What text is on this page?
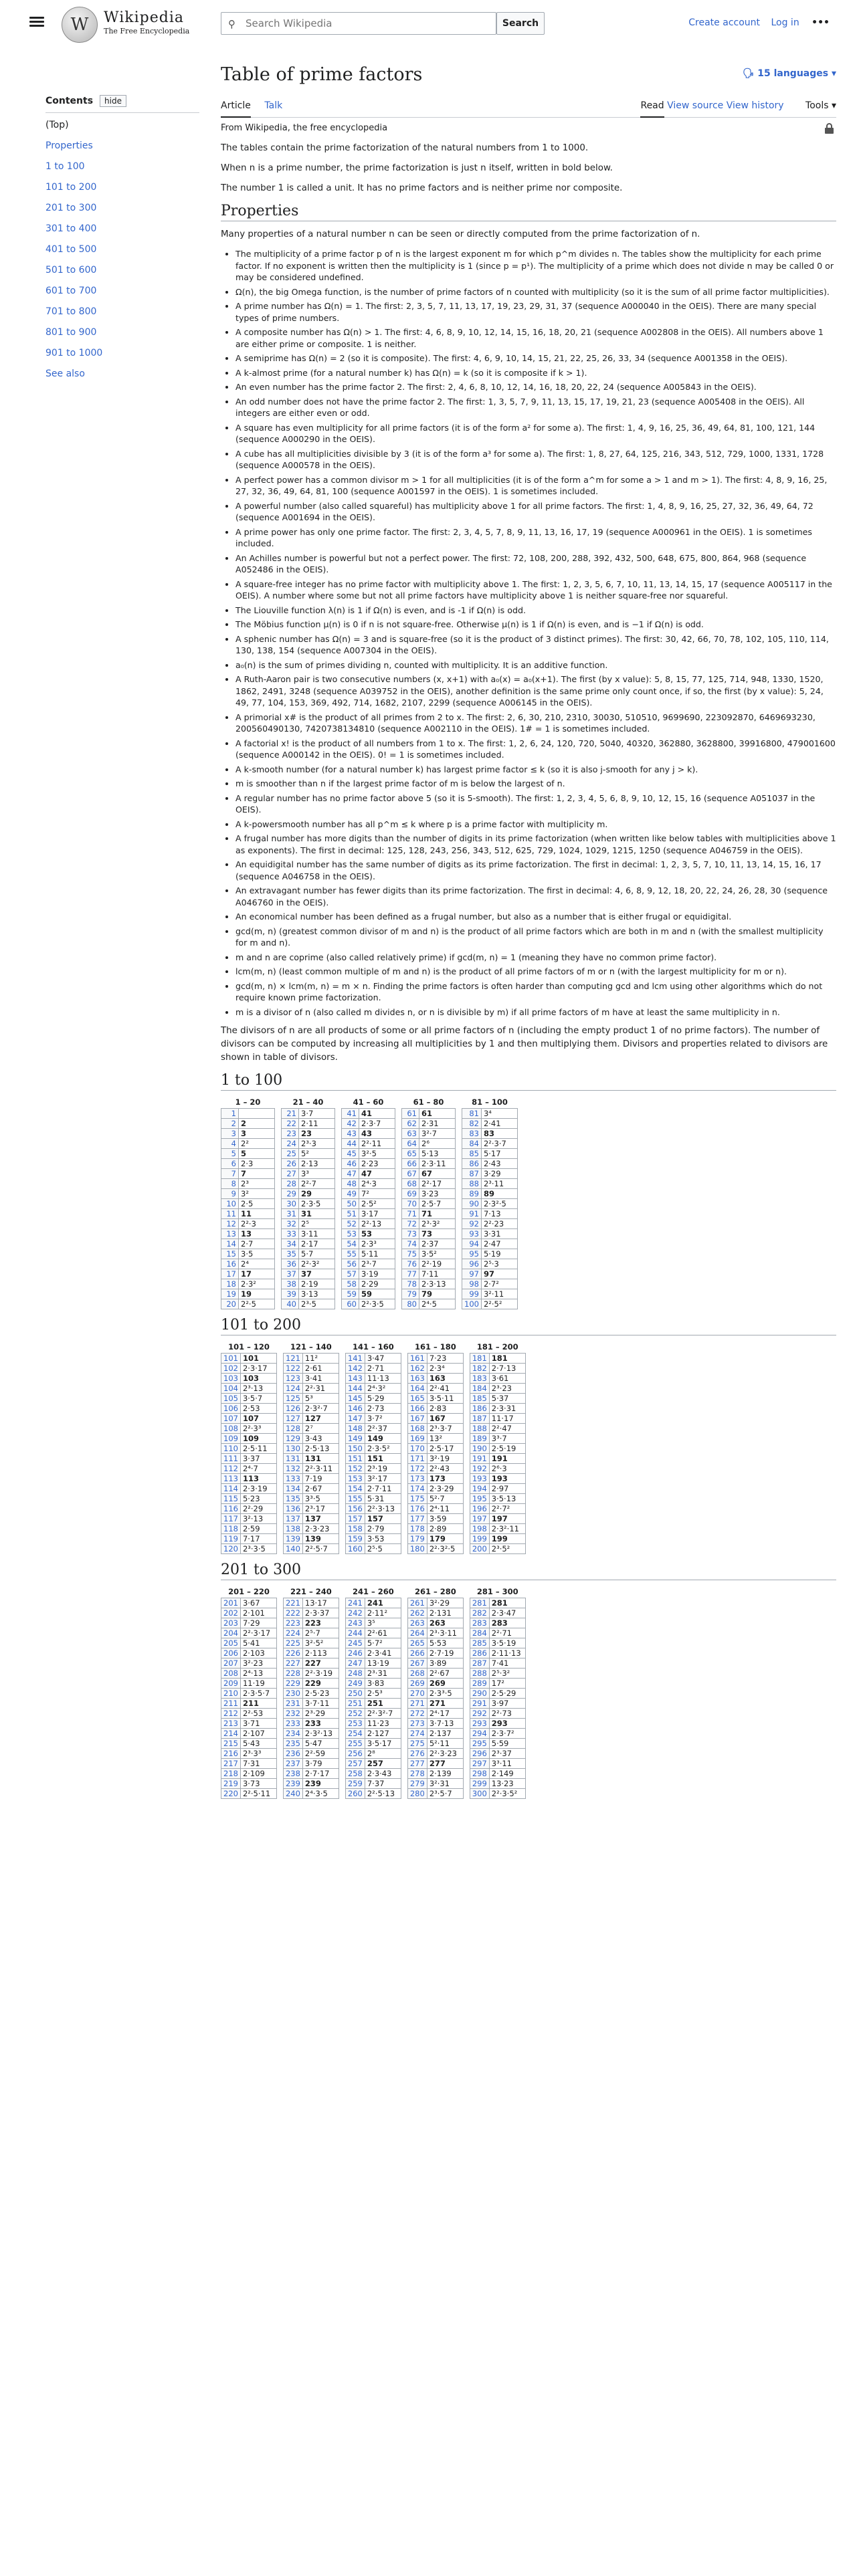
W	Wikipedia
The Free Encyclopedia
⚲
Search Wikipedia	Search	Create account Log in •••
Contents	hide
(Top)
Properties
1 to 100
101 to 200
201 to 300
301 to 400
401 to 500
501 to 600
601 to 700
701 to 800
801 to 900
901 to 1000
See also
Table of prime factors	🗣 15 languages ▾
Article Talk	Read View source View history Tools ▾
From Wikipedia, the free encyclopedia

The tables contain the prime factorization of the natural numbers from 1 to 1000.

When n is a prime number, the prime factorization is just n itself, written in bold below.

The number 1 is called a unit. It has no prime factors and is neither prime nor composite.

Properties

Many properties of a natural number n can be seen or directly computed from the prime factorization of n.

• The multiplicity of a prime factor p of n is the largest exponent m for which p^m divides n. The tables show the multiplicity for each prime factor. If no exponent is written then the multiplicity is 1 (since p = p¹). The multiplicity of a prime which does not divide n may be called 0 or may be considered undefined.
• Ω(n), the big Omega function, is the number of prime factors of n counted with multiplicity (so it is the sum of all prime factor multiplicities).
• A prime number has Ω(n) = 1. The first: 2, 3, 5, 7, 11, 13, 17, 19, 23, 29, 31, 37 (sequence A000040 in the OEIS). There are many special types of prime numbers.
• A composite number has Ω(n) > 1. The first: 4, 6, 8, 9, 10, 12, 14, 15, 16, 18, 20, 21 (sequence A002808 in the OEIS). All numbers above 1 are either prime or composite. 1 is neither.
• A semiprime has Ω(n) = 2 (so it is composite). The first: 4, 6, 9, 10, 14, 15, 21, 22, 25, 26, 33, 34 (sequence A001358 in the OEIS).
• A k-almost prime (for a natural number k) has Ω(n) = k (so it is composite if k > 1).
• An even number has the prime factor 2. The first: 2, 4, 6, 8, 10, 12, 14, 16, 18, 20, 22, 24 (sequence A005843 in the OEIS).
• An odd number does not have the prime factor 2. The first: 1, 3, 5, 7, 9, 11, 13, 15, 17, 19, 21, 23 (sequence A005408 in the OEIS). All integers are either even or odd.
• A square has even multiplicity for all prime factors (it is of the form a² for some a). The first: 1, 4, 9, 16, 25, 36, 49, 64, 81, 100, 121, 144 (sequence A000290 in the OEIS).
• A cube has all multiplicities divisible by 3 (it is of the form a³ for some a). The first: 1, 8, 27, 64, 125, 216, 343, 512, 729, 1000, 1331, 1728 (sequence A000578 in the OEIS).
• A perfect power has a common divisor m > 1 for all multiplicities (it is of the form a^m for some a > 1 and m > 1). The first: 4, 8, 9, 16, 25, 27, 32, 36, 49, 64, 81, 100 (sequence A001597 in the OEIS). 1 is sometimes included.
• A powerful number (also called squareful) has multiplicity above 1 for all prime factors. The first: 1, 4, 8, 9, 16, 25, 27, 32, 36, 49, 64, 72 (sequence A001694 in the OEIS).
• A prime power has only one prime factor. The first: 2, 3, 4, 5, 7, 8, 9, 11, 13, 16, 17, 19 (sequence A000961 in the OEIS). 1 is sometimes included.
• An Achilles number is powerful but not a perfect power. The first: 72, 108, 200, 288, 392, 432, 500, 648, 675, 800, 864, 968 (sequence A052486 in the OEIS).
• A square-free integer has no prime factor with multiplicity above 1. The first: 1, 2, 3, 5, 6, 7, 10, 11, 13, 14, 15, 17 (sequence A005117 in the OEIS). A number where some but not all prime factors have multiplicity above 1 is neither square-free nor squareful.
• The Liouville function λ(n) is 1 if Ω(n) is even, and is -1 if Ω(n) is odd.
• The Möbius function μ(n) is 0 if n is not square-free. Otherwise μ(n) is 1 if Ω(n) is even, and is −1 if Ω(n) is odd.
• A sphenic number has Ω(n) = 3 and is square-free (so it is the product of 3 distinct primes). The first: 30, 42, 66, 70, 78, 102, 105, 110, 114, 130, 138, 154 (sequence A007304 in the OEIS).
• a₀(n) is the sum of primes dividing n, counted with multiplicity. It is an additive function.
• A Ruth-Aaron pair is two consecutive numbers (x, x+1) with a₀(x) = a₀(x+1). The first (by x value): 5, 8, 15, 77, 125, 714, 948, 1330, 1520, 1862, 2491, 3248 (sequence A039752 in the OEIS), another definition is the same prime only count once, if so, the first (by x value): 5, 24, 49, 77, 104, 153, 369, 492, 714, 1682, 2107, 2299 (sequence A006145 in the OEIS).
• A primorial x# is the product of all primes from 2 to x. The first: 2, 6, 30, 210, 2310, 30030, 510510, 9699690, 223092870, 6469693230, 200560490130, 7420738134810 (sequence A002110 in the OEIS). 1# = 1 is sometimes included.
• A factorial x! is the product of all numbers from 1 to x. The first: 1, 2, 6, 24, 120, 720, 5040, 40320, 362880, 3628800, 39916800, 479001600 (sequence A000142 in the OEIS). 0! = 1 is sometimes included.
• A k-smooth number (for a natural number k) has largest prime factor ≤ k (so it is also j-smooth for any j > k).
• m is smoother than n if the largest prime factor of m is below the largest of n.
• A regular number has no prime factor above 5 (so it is 5-smooth). The first: 1, 2, 3, 4, 5, 6, 8, 9, 10, 12, 15, 16 (sequence A051037 in the OEIS).
• A k-powersmooth number has all p^m ≤ k where p is a prime factor with multiplicity m.
• A frugal number has more digits than the number of digits in its prime factorization (when written like below tables with multiplicities above 1 as exponents). The first in decimal: 125, 128, 243, 256, 343, 512, 625, 729, 1024, 1029, 1215, 1250 (sequence A046759 in the OEIS).
• An equidigital number has the same number of digits as its prime factorization. The first in decimal: 1, 2, 3, 5, 7, 10, 11, 13, 14, 15, 16, 17 (sequence A046758 in the OEIS).
• An extravagant number has fewer digits than its prime factorization. The first in decimal: 4, 6, 8, 9, 12, 18, 20, 22, 24, 26, 28, 30 (sequence A046760 in the OEIS).
• An economical number has been defined as a frugal number, but also as a number that is either frugal or equidigital.
• gcd(m, n) (greatest common divisor of m and n) is the product of all prime factors which are both in m and n (with the smallest multiplicity for m and n).
• m and n are coprime (also called relatively prime) if gcd(m, n) = 1 (meaning they have no common prime factor).
• lcm(m, n) (least common multiple of m and n) is the product of all prime factors of m or n (with the largest multiplicity for m or n).
• gcd(m, n) × lcm(m, n) = m × n. Finding the prime factors is often harder than computing gcd and lcm using other algorithms which do not require known prime factorization.
• m is a divisor of n (also called m divides n, or n is divisible by m) if all prime factors of m have at least the same multiplicity in n.

The divisors of n are all products of some or all prime factors of n (including the empty product 1 of no prime factors). The number of divisors can be computed by increasing all multiplicities by 1 and then multiplying them. Divisors and properties related to divisors are shown in table of divisors.

1 to 100
1 – 20			21 – 40			41 – 60			61 – 80			81 – 100	
1			21	3·7		41	41		61	61		81	3⁴
2	2		22	2·11		42	2·3·7		62	2·31		82	2·41
3	3		23	23		43	43		63	3²·7		83	83
4	2²		24	2³·3		44	2²·11		64	2⁶		84	2²·3·7
5	5		25	5²		45	3²·5		65	5·13		85	5·17
6	2·3		26	2·13		46	2·23		66	2·3·11		86	2·43
7	7		27	3³		47	47		67	67		87	3·29
8	2³		28	2²·7		48	2⁴·3		68	2²·17		88	2³·11
9	3²		29	29		49	7²		69	3·23		89	89
10	2·5		30	2·3·5		50	2·5²		70	2·5·7		90	2·3²·5
11	11		31	31		51	3·17		71	71		91	7·13
12	2²·3		32	2⁵		52	2²·13		72	2³·3²		92	2²·23
13	13		33	3·11		53	53		73	73		93	3·31
14	2·7		34	2·17		54	2·3³		74	2·37		94	2·47
15	3·5		35	5·7		55	5·11		75	3·5²		95	5·19
16	2⁴		36	2²·3²		56	2³·7		76	2²·19		96	2⁵·3
17	17		37	37		57	3·19		77	7·11		97	97
18	2·3²		38	2·19		58	2·29		78	2·3·13		98	2·7²
19	19		39	3·13		59	59		79	79		99	3²·11
20	2²·5		40	2³·5		60	2²·3·5		80	2⁴·5		100	2²·5²
101 to 200
101 – 120			121 – 140			141 – 160			161 – 180			181 – 200	
101	101		121	11²		141	3·47		161	7·23		181	181
102	2·3·17		122	2·61		142	2·71		162	2·3⁴		182	2·7·13
103	103		123	3·41		143	11·13		163	163		183	3·61
104	2³·13		124	2²·31		144	2⁴·3²		164	2²·41		184	2³·23
105	3·5·7		125	5³		145	5·29		165	3·5·11		185	5·37
106	2·53		126	2·3²·7		146	2·73		166	2·83		186	2·3·31
107	107		127	127		147	3·7²		167	167		187	11·17
108	2²·3³		128	2⁷		148	2²·37		168	2³·3·7		188	2²·47
109	109		129	3·43		149	149		169	13²		189	3³·7
110	2·5·11		130	2·5·13		150	2·3·5²		170	2·5·17		190	2·5·19
111	3·37		131	131		151	151		171	3²·19		191	191
112	2⁴·7		132	2²·3·11		152	2³·19		172	2²·43		192	2⁶·3
113	113		133	7·19		153	3²·17		173	173		193	193
114	2·3·19		134	2·67		154	2·7·11		174	2·3·29		194	2·97
115	5·23		135	3³·5		155	5·31		175	5²·7		195	3·5·13
116	2²·29		136	2³·17		156	2²·3·13		176	2⁴·11		196	2²·7²
117	3²·13		137	137		157	157		177	3·59		197	197
118	2·59		138	2·3·23		158	2·79		178	2·89		198	2·3²·11
119	7·17		139	139		159	3·53		179	179		199	199
120	2³·3·5		140	2²·5·7		160	2⁵·5		180	2²·3²·5		200	2³·5²
201 to 300
201 – 220			221 – 240			241 – 260			261 – 280			281 – 300	
201	3·67		221	13·17		241	241		261	3²·29		281	281
202	2·101		222	2·3·37		242	2·11²		262	2·131		282	2·3·47
203	7·29		223	223		243	3⁵		263	263		283	283
204	2²·3·17		224	2⁵·7		244	2²·61		264	2³·3·11		284	2²·71
205	5·41		225	3²·5²		245	5·7²		265	5·53		285	3·5·19
206	2·103		226	2·113		246	2·3·41		266	2·7·19		286	2·11·13
207	3²·23		227	227		247	13·19		267	3·89		287	7·41
208	2⁴·13		228	2²·3·19		248	2³·31		268	2²·67		288	2⁵·3²
209	11·19		229	229		249	3·83		269	269		289	17²
210	2·3·5·7		230	2·5·23		250	2·5³		270	2·3³·5		290	2·5·29
211	211		231	3·7·11		251	251		271	271		291	3·97
212	2²·53		232	2³·29		252	2²·3²·7		272	2⁴·17		292	2²·73
213	3·71		233	233		253	11·23		273	3·7·13		293	293
214	2·107		234	2·3²·13		254	2·127		274	2·137		294	2·3·7²
215	5·43		235	5·47		255	3·5·17		275	5²·11		295	5·59
216	2³·3³		236	2²·59		256	2⁸		276	2²·3·23		296	2³·37
217	7·31		237	3·79		257	257		277	277		297	3³·11
218	2·109		238	2·7·17		258	2·3·43		278	2·139		298	2·149
219	3·73		239	239		259	7·37		279	3²·31		299	13·23
220	2²·5·11		240	2⁴·3·5		260	2²·5·13		280	2³·5·7		300	2²·3·5²
